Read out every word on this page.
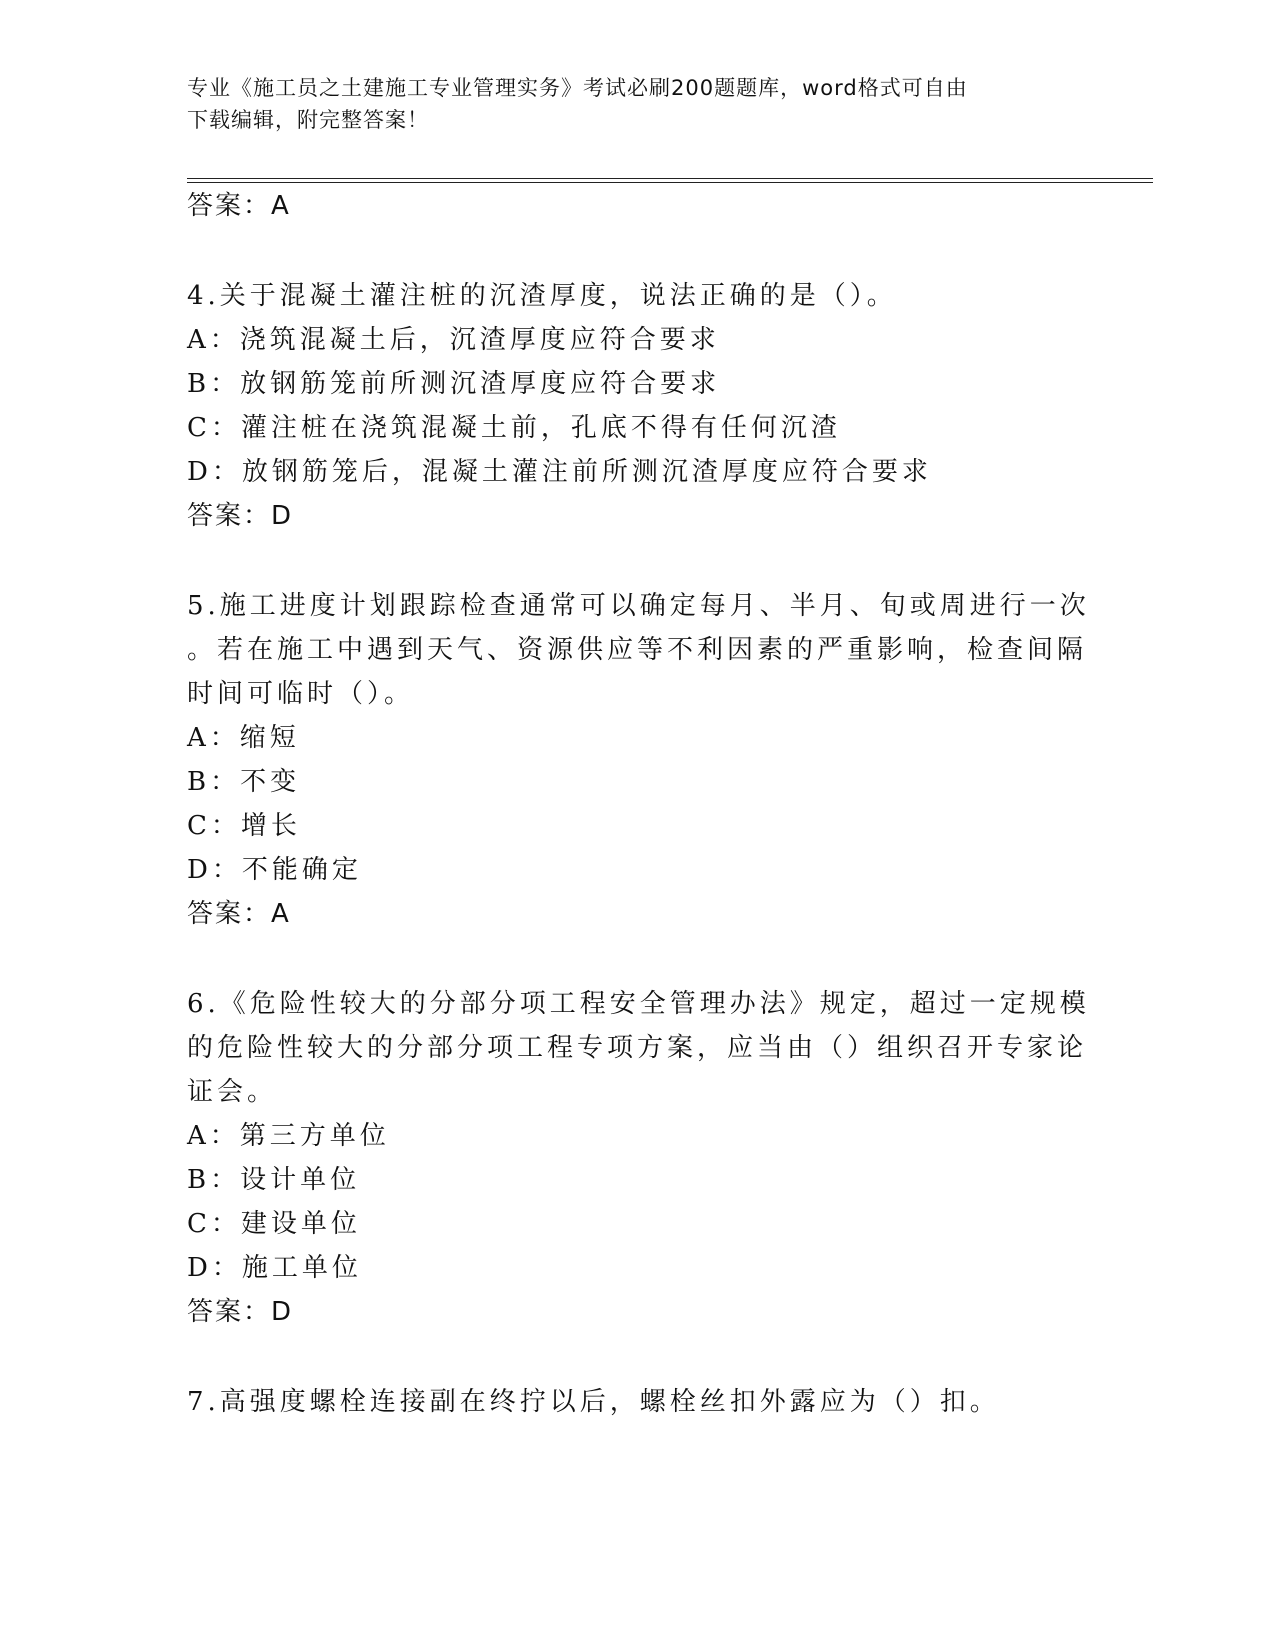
专业《施工员之土建施工专业管理实务》考试必刷200题题库，word格式可自由
下载编辑，附完整答案！
答案：A
4.关于混凝土灌注桩的沉渣厚度，说法正确的是（）。
A：浇筑混凝土后，沉渣厚度应符合要求
B：放钢筋笼前所测沉渣厚度应符合要求
C：灌注桩在浇筑混凝土前，孔底不得有任何沉渣
D：放钢筋笼后，混凝土灌注前所测沉渣厚度应符合要求
答案：D
5.施工进度计划跟踪检查通常可以确定每月、半月、旬或周进行一次
。若在施工中遇到天气、资源供应等不利因素的严重影响，检查间隔
时间可临时（）。
A：缩短
B：不变
C：增长
D：不能确定
答案：A
6.《危险性较大的分部分项工程安全管理办法》规定，超过一定规模
的危险性较大的分部分项工程专项方案，应当由（）组织召开专家论
证会。
A：第三方单位
B：设计单位
C：建设单位
D：施工单位
答案：D
7.高强度螺栓连接副在终拧以后，螺栓丝扣外露应为（）扣。
